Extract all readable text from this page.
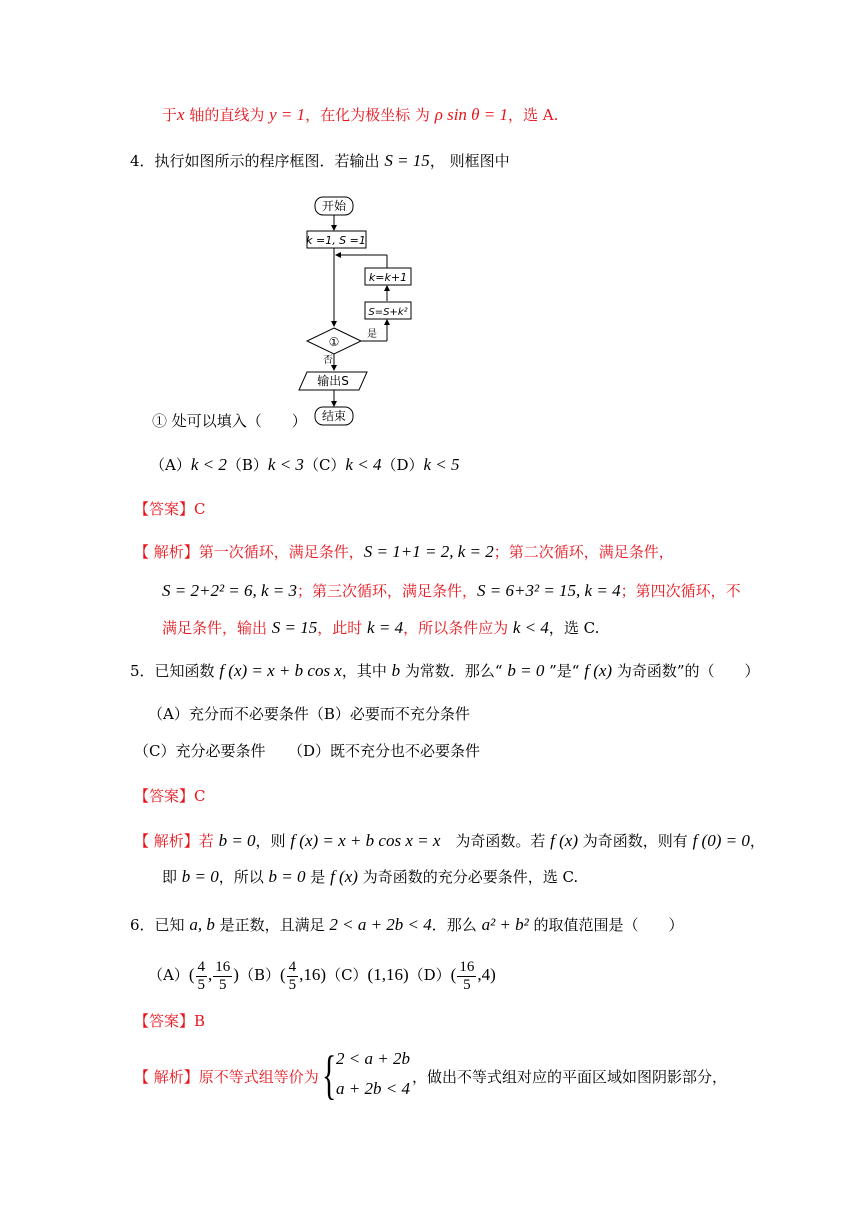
于x 轴的直线为 y = 1，在化为极坐标 为 ρ sin θ = 1，选 A.
4．执行如图所示的程序框图．若输出 S = 15， 则框图中
开始
k =1, S =1
k=k+1
S=S+k²
①
是
否
输出S
结束
① 处可以填入（　　）
（A）k < 2（B）k < 3（C）k < 4（D）k < 5
【答案】C
【 解析】第一次循环，满足条件，S = 1+1 = 2, k = 2；第二次循环，满足条件，
S = 2+2² = 6, k = 3；第三次循环，满足条件，S = 6+3² = 15, k = 4；第四次循环，不
满足条件，输出 S = 15，此时 k = 4，所以条件应为 k < 4，选 C.
5．已知函数 f (x) = x + b cos x，其中 b 为常数．那么“ b = 0 ”是“ f (x) 为奇函数”的（　　）
（A）充分而不必要条件（B）必要而不充分条件
（C）充分必要条件　　（D）既不充分也不必要条件
【答案】C
【 解析】若 b = 0，则 f (x) = x + b cos x = x　为奇函数。若 f (x) 为奇函数，则有 f (0) = 0，
即 b = 0，所以 b = 0 是 f (x) 为奇函数的充分必要条件，选 C.
6．已知 a, b 是正数，且满足 2 < a + 2b < 4．那么 a² + b² 的取值范围是（　　）
$(A)( \frac{4}{5}$ , $\frac{16}{5} )(B)( \frac{4}{5} ,16)(C)(1,16)(D)( \frac{16}{5} ,4)$
【答案】B
【 解析】原不等式组等价为 { 2 < a + 2b
a + 2b < 4
，做出不等式组对应的平面区域如图阴影部分，
